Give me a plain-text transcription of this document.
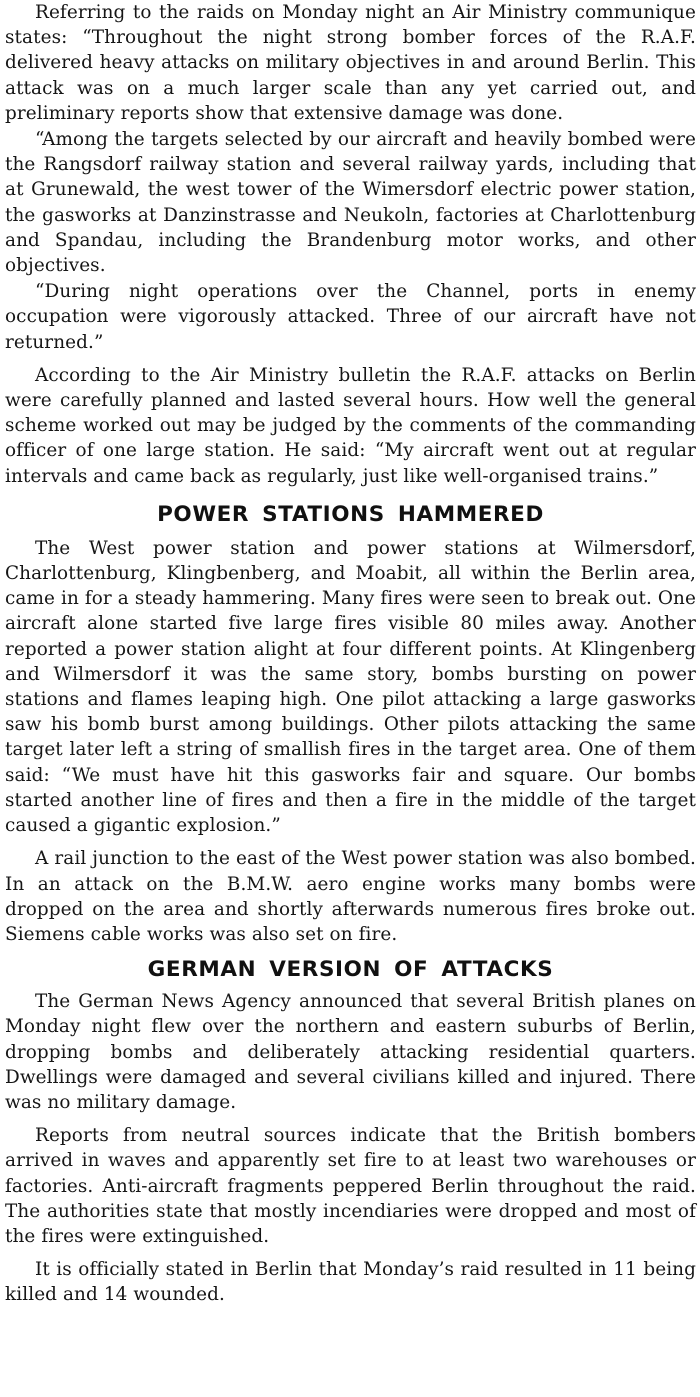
Referring to the raids on Monday night an Air Ministry communique states: “Throughout the night strong bomber forces of the R.A.F. delivered heavy attacks on military objectives in and around Berlin. This attack was on a much larger scale than any yet carried out, and preliminary reports show that extensive damage was done.

“Among the targets selected by our aircraft and heavily bombed were the Rangsdorf railway station and several railway yards, including that at Grunewald, the west tower of the Wimersdorf electric power station, the gasworks at Danzinstrasse and Neukoln, factories at Charlottenburg and Spandau, including the Brandenburg motor works, and other objectives.

“During night operations over the Channel, ports in enemy occupation were vigorously attacked. Three of our aircraft have not returned.”

According to the Air Ministry bulletin the R.A.F. attacks on Berlin were carefully planned and lasted several hours. How well the general scheme worked out may be judged by the comments of the commanding officer of one large station. He said: “My aircraft went out at regular intervals and came back as regularly, just like well-organised trains.”

POWER STATIONS HAMMERED

The West power station and power stations at Wilmersdorf, Charlottenburg, Klingbenberg, and Moabit, all within the Berlin area, came in for a steady hammering. Many fires were seen to break out. One aircraft alone started five large fires visible 80 miles away. Another reported a power station alight at four different points. At Klingenberg and Wilmersdorf it was the same story, bombs bursting on power stations and flames leaping high. One pilot attacking a large gasworks saw his bomb burst among buildings. Other pilots attacking the same target later left a string of smallish fires in the target area. One of them said: “We must have hit this gasworks fair and square. Our bombs started another line of fires and then a fire in the middle of the target caused a gigantic explosion.”

A rail junction to the east of the West power station was also bombed. In an attack on the B.M.W. aero engine works many bombs were dropped on the area and shortly afterwards numerous fires broke out. Siemens cable works was also set on fire.

GERMAN VERSION OF ATTACKS

The German News Agency announced that several British planes on Monday night flew over the northern and eastern suburbs of Berlin, dropping bombs and deliberately attacking residential quarters. Dwellings were damaged and several civilians killed and injured. There was no military damage.

Reports from neutral sources indicate that the British bombers arrived in waves and apparently set fire to at least two warehouses or factories. Anti-aircraft fragments peppered Berlin throughout the raid. The authorities state that mostly incendiaries were dropped and most of the fires were extinguished.

It is officially stated in Berlin that Monday’s raid resulted in 11 being killed and 14 wounded.
